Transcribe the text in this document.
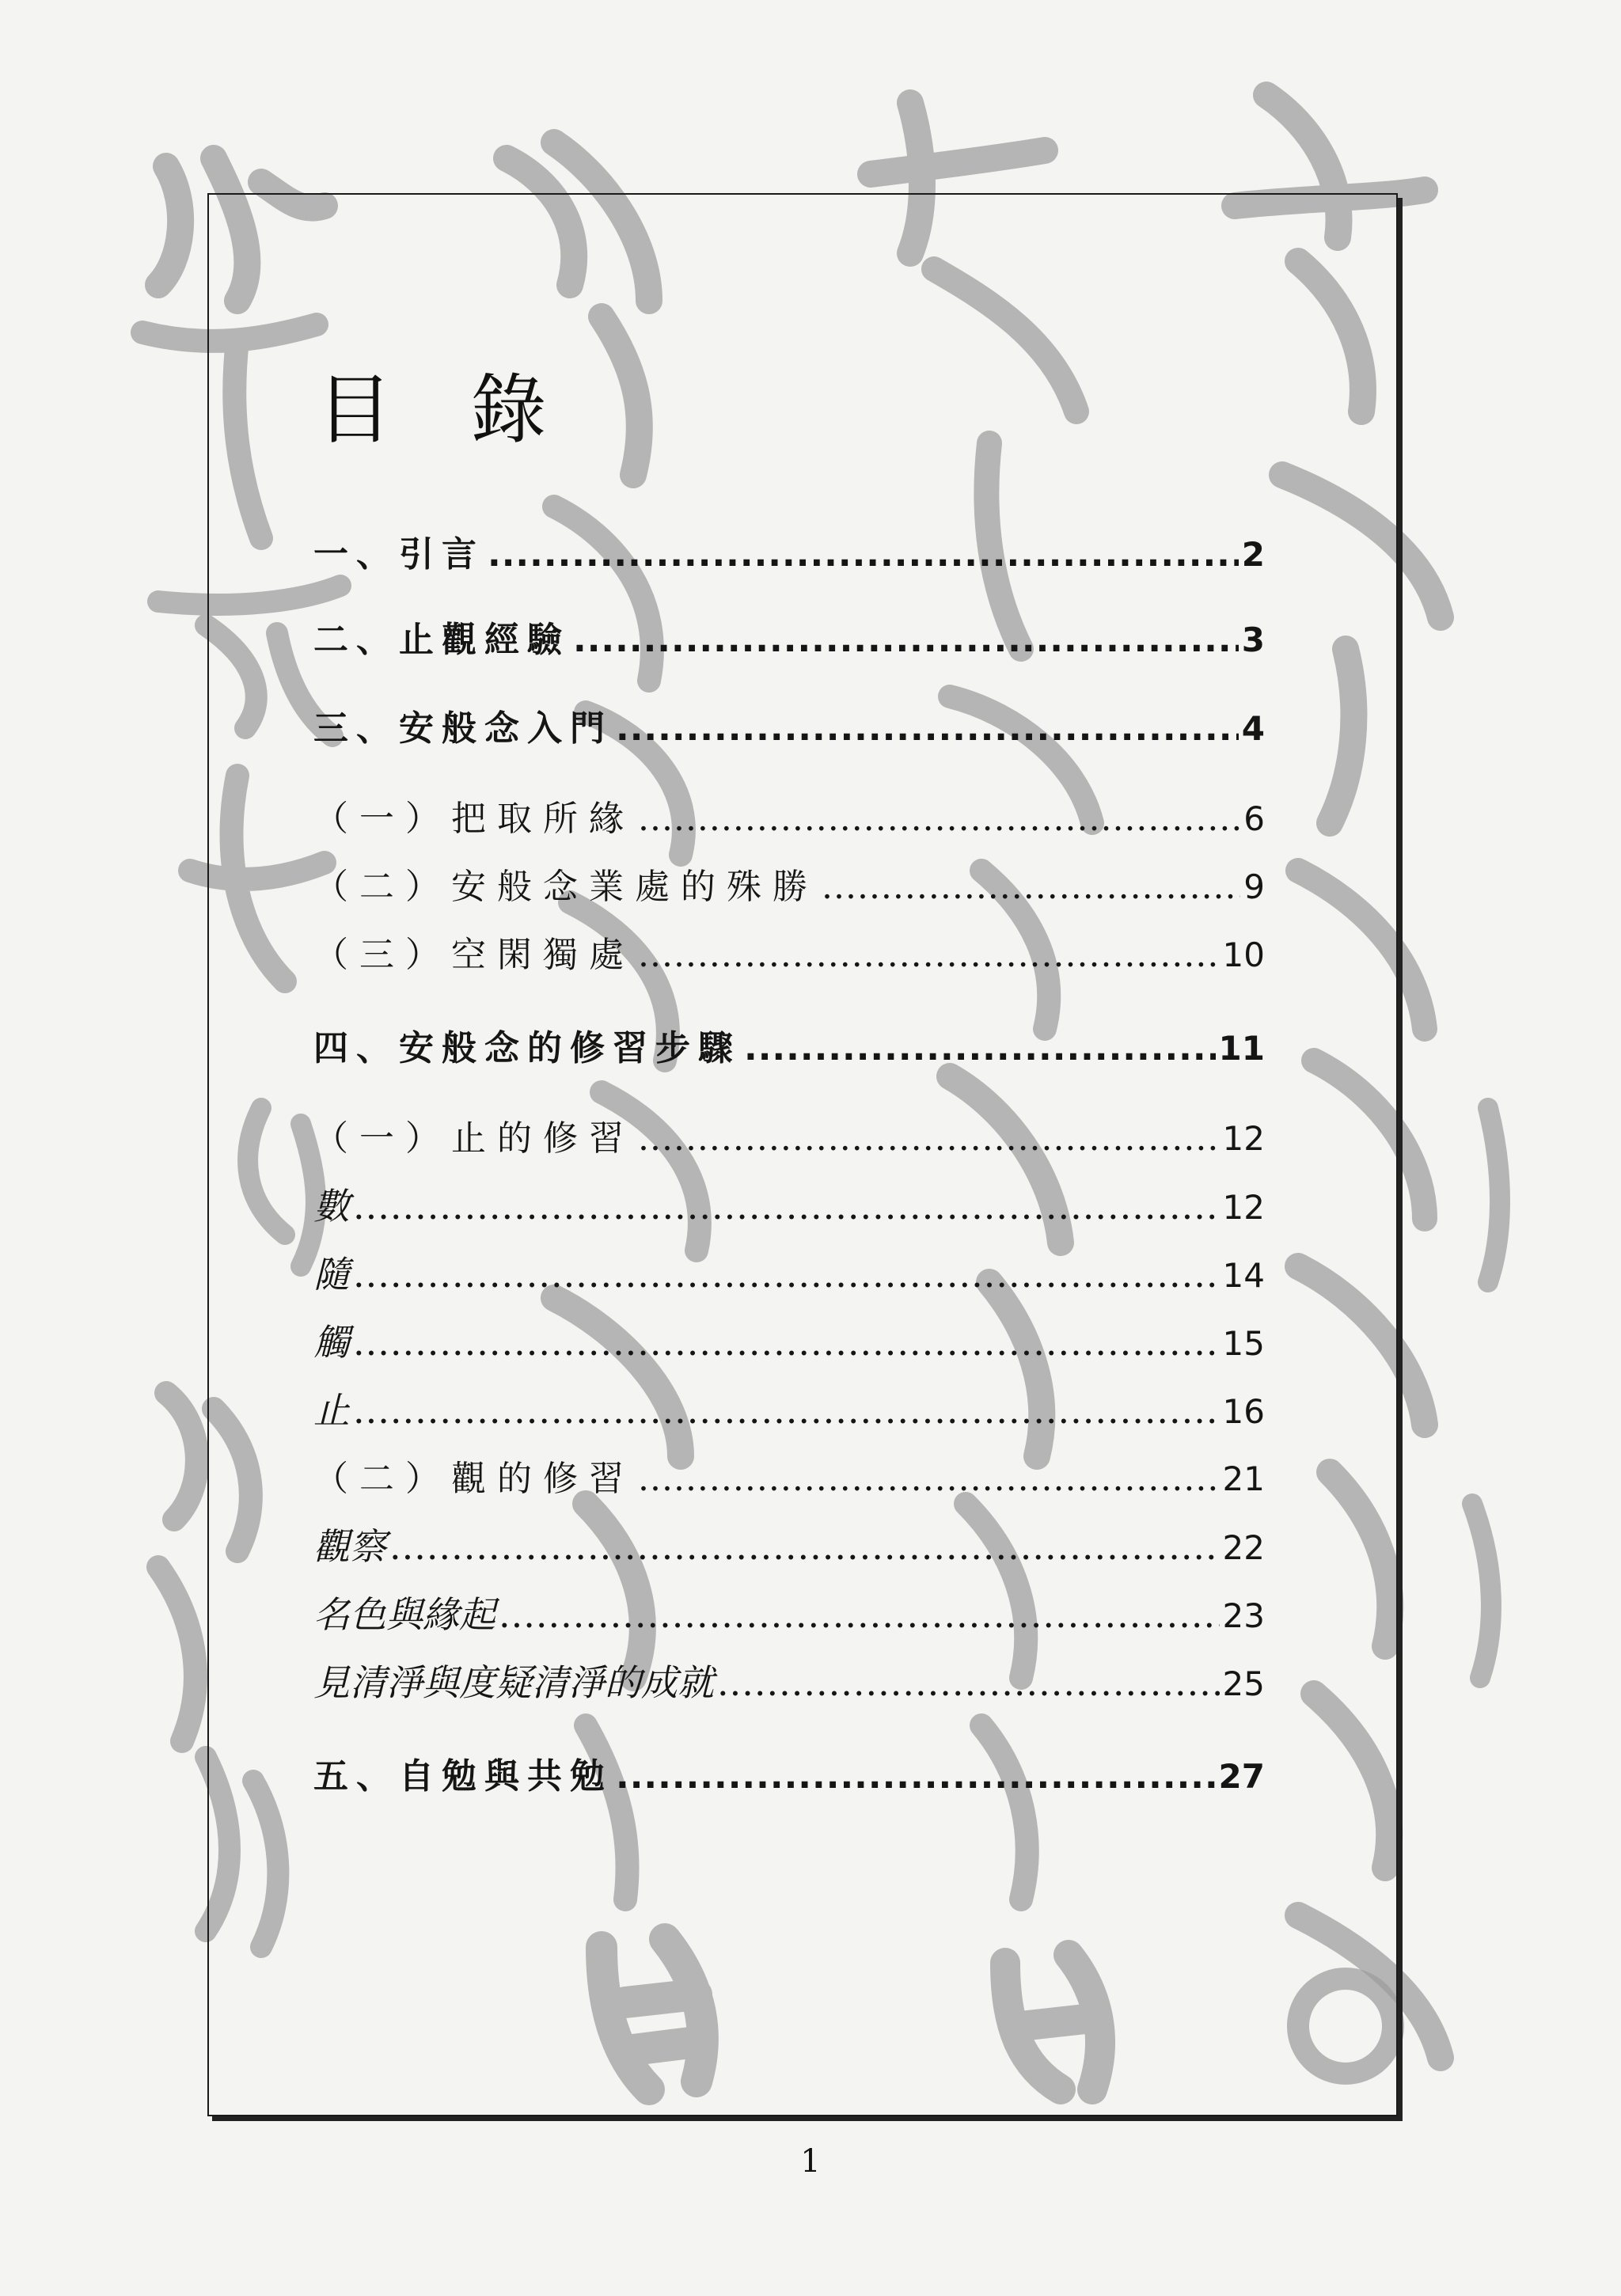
目 錄
一、引言 .....	2
二、止觀經驗 .....	3
三、安般念入門 .....	4
（一）把取所緣 .....	6
（二）安般念業處的殊勝 .....	9
（三）空閑獨處 .....	10
四、安般念的修習步驟 .....	11
（一）止的修習 .....	12
數 .....	12
隨 .....	14
觸 .....	15
止 .....	16
（二）觀的修習 .....	21
觀察 .....	22
名色與緣起 .....	23
見清淨與度疑清淨的成就 .....	25
五、自勉與共勉 .....	27
1
